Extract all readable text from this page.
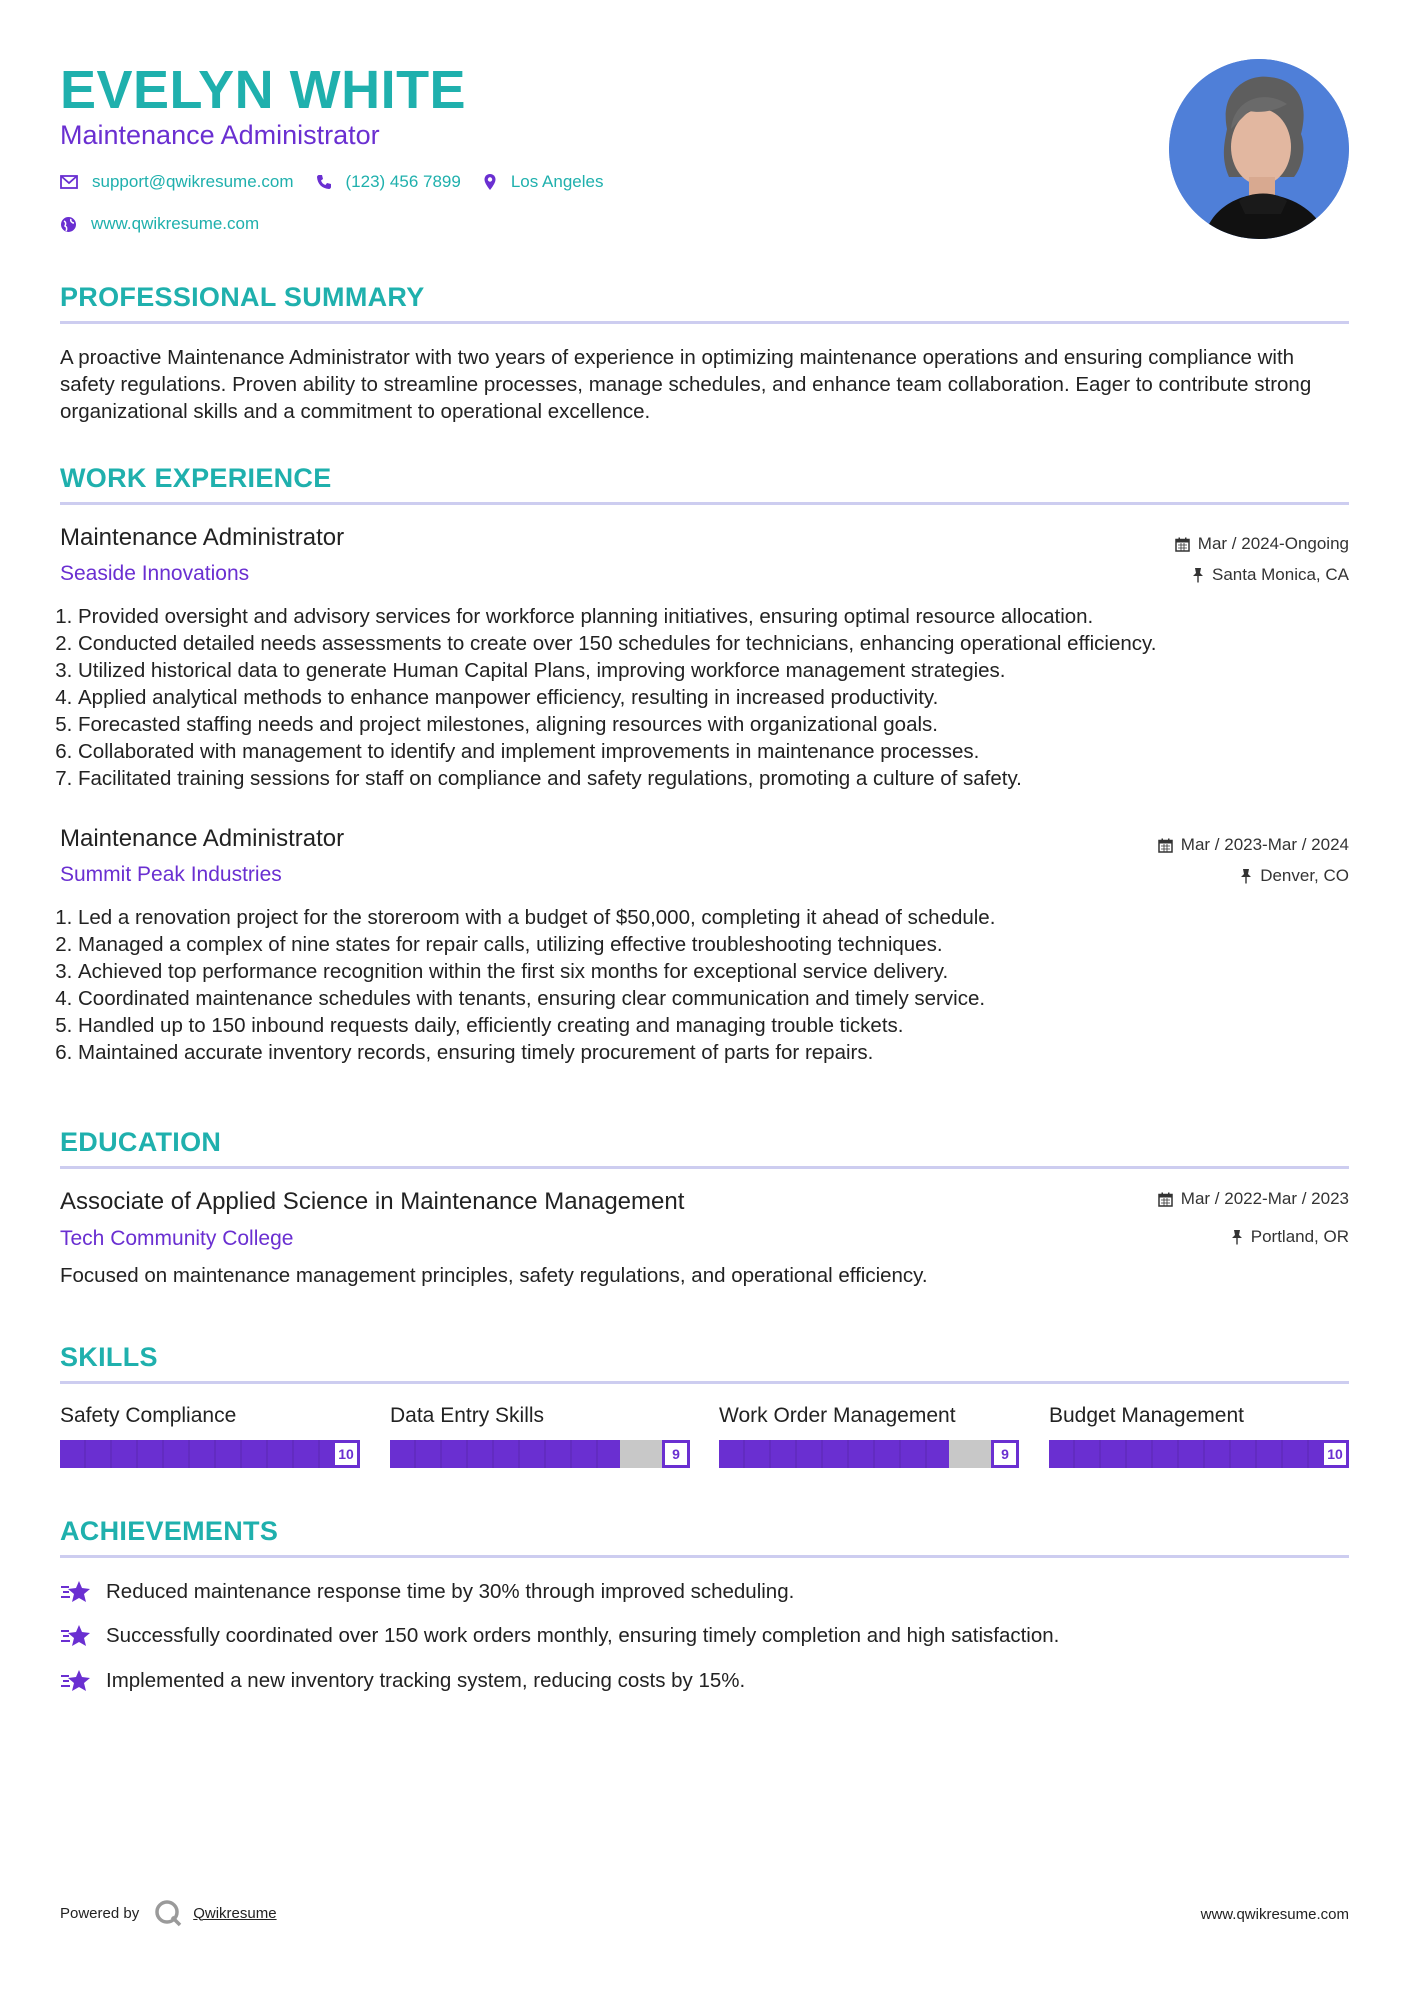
EVELYN WHITE
Maintenance Administrator
support@qwikresume.com	(123) 456 7899	Los Angeles
www.qwikresume.com
PROFESSIONAL SUMMARY

A proactive Maintenance Administrator with two years of experience in optimizing maintenance operations and ensuring compliance with safety regulations. Proven ability to streamline processes, manage schedules, and enhance team collaboration. Eager to contribute strong organizational skills and a commitment to operational excellence.

WORK EXPERIENCE
Maintenance Administrator	Mar / 2024-Ongoing
Seaside Innovations	Santa Monica, CA
1. Provided oversight and advisory services for workforce planning initiatives, ensuring optimal resource allocation.
2. Conducted detailed needs assessments to create over 150 schedules for technicians, enhancing operational efficiency.
3. Utilized historical data to generate Human Capital Plans, improving workforce management strategies.
4. Applied analytical methods to enhance manpower efficiency, resulting in increased productivity.
5. Forecasted staffing needs and project milestones, aligning resources with organizational goals.
6. Collaborated with management to identify and implement improvements in maintenance processes.
7. Facilitated training sessions for staff on compliance and safety regulations, promoting a culture of safety.
Maintenance Administrator	Mar / 2023-Mar / 2024
Summit Peak Industries	Denver, CO
1. Led a renovation project for the storeroom with a budget of $50,000, completing it ahead of schedule.
2. Managed a complex of nine states for repair calls, utilizing effective troubleshooting techniques.
3. Achieved top performance recognition within the first six months for exceptional service delivery.
4. Coordinated maintenance schedules with tenants, ensuring clear communication and timely service.
5. Handled up to 150 inbound requests daily, efficiently creating and managing trouble tickets.
6. Maintained accurate inventory records, ensuring timely procurement of parts for repairs.
EDUCATION
Associate of Applied Science in Maintenance Management	Mar / 2022-Mar / 2023
Tech Community College	Portland, OR

Focused on maintenance management principles, safety regulations, and operational efficiency.

SKILLS
Safety Compliance
10
Data Entry Skills
9
Work Order Management
9
Budget Management
10
ACHIEVEMENTS
Reduced maintenance response time by 30% through improved scheduling.
Successfully coordinated over 150 work orders monthly, ensuring timely completion and high satisfaction.
Implemented a new inventory tracking system, reducing costs by 15%.
Powered by	Qwikresume	www.qwikresume.com
